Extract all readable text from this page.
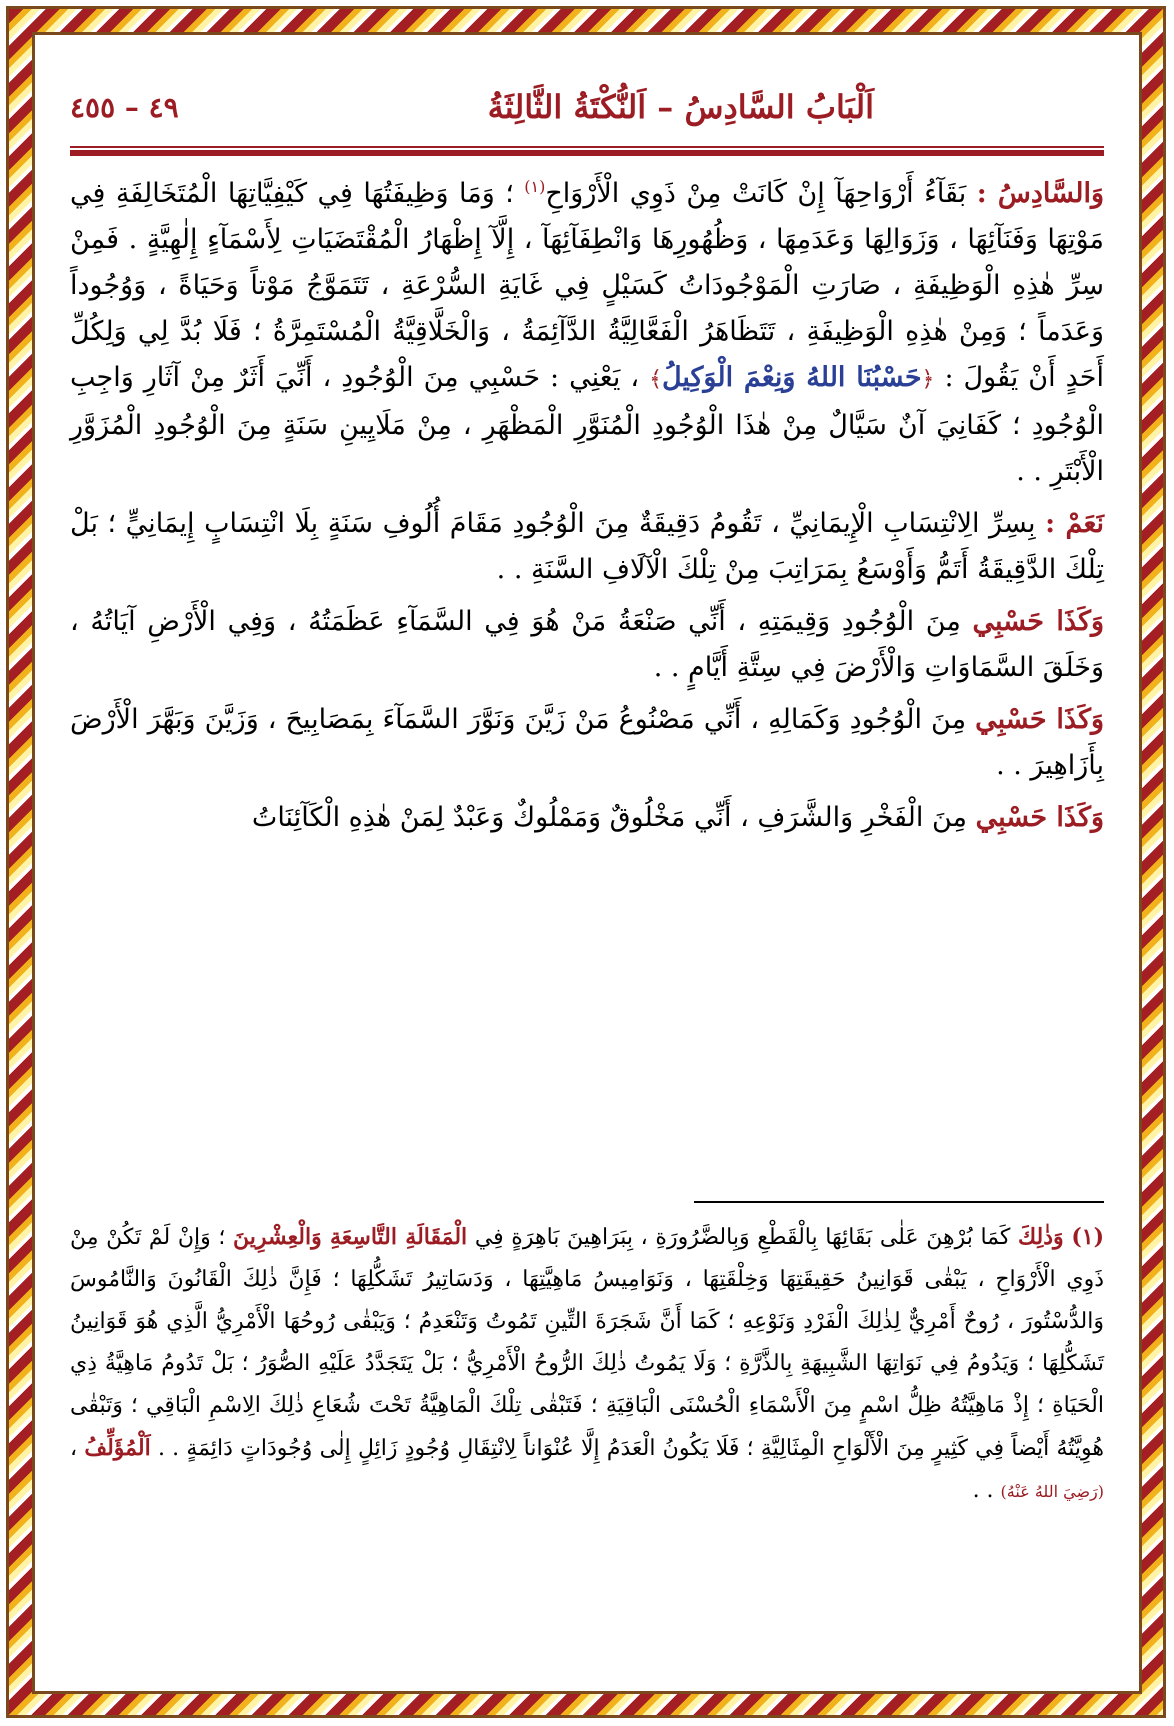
اَلْبَابُ السَّادِسُ – اَلنُّكْتَةُ الثَّالِثَةُ
٤٩ – ٤٥٥

وَالسَّادِسُ : بَقَآءُ أَرْوَاحِهَآ إِنْ كَانَتْ مِنْ ذَوِي الْأَرْوَاحِ$^{(١)}$ ؛ وَمَا وَظِيفَتُهَا فِي كَيْفِيَّاتِهَا الْمُتَخَالِفَةِ فِي مَوْتِهَا وَفَنَآئِهَا ، وَزَوَالِهَا وَعَدَمِهَا ، وَظُهُورِهَا وَانْطِفَآئِهَآ ، إِلَّآ إِظْهَارُ الْمُقْتَضَيَاتِ لِأَسْمَآءٍ إِلٰهِيَّةٍ . فَمِنْ سِرِّ هٰذِهِ الْوَظِيفَةِ ، صَارَتِ الْمَوْجُودَاتُ كَسَيْلٍ فِي غَايَةِ السُّرْعَةِ ، تَتَمَوَّجُ مَوْتاً وَحَيَاةً ، وَوُجُوداً وَعَدَماً ؛ وَمِنْ هٰذِهِ الْوَظِيفَةِ ، تَتَظَاهَرُ الْفَعَّالِيَّةُ الدَّآئِمَةُ ، وَالْخَلَّاقِيَّةُ الْمُسْتَمِرَّةُ ؛ فَلَا بُدَّ لِي وَلِكُلِّ أَحَدٍ أَنْ يَقُولَ : ﴿حَسْبُنَا اللهُ وَنِعْمَ الْوَكِيلُ﴾ ، يَعْنِي : حَسْبِي مِنَ الْوُجُودِ ، أَنِّيَ أَثَرٌ مِنْ آثَارِ وَاجِبِ الْوُجُودِ ؛ كَفَانِيَ آنٌ سَيَّالٌ مِنْ هٰذَا الْوُجُودِ الْمُنَوَّرِ الْمَظْهَرِ ، مِنْ مَلَايِينِ سَنَةٍ مِنَ الْوُجُودِ الْمُزَوَّرِ الْأَبْتَرِ . .

نَعَمْ : بِسِرِّ الِانْتِسَابِ الْإِيمَانِيِّ ، تَقُومُ دَقِيقَةٌ مِنَ الْوُجُودِ مَقَامَ أُلُوفِ سَنَةٍ بِلَا انْتِسَابٍ إِيمَانِيٍّ ؛ بَلْ تِلْكَ الدَّقِيقَةُ أَتَمُّ وَأَوْسَعُ بِمَرَاتِبَ مِنْ تِلْكَ الْآلَافِ السَّنَةِ . .

وَكَذَا حَسْبِي مِنَ الْوُجُودِ وَقِيمَتِهِ ، أَنِّي صَنْعَةُ مَنْ هُوَ فِي السَّمَآءِ عَظَمَتُهُ ، وَفِي الْأَرْضِ آيَاتُهُ ، وَخَلَقَ السَّمَاوَاتِ وَالْأَرْضَ فِي سِتَّةِ أَيَّامٍ . .

وَكَذَا حَسْبِي مِنَ الْوُجُودِ وَكَمَالِهِ ، أَنِّي مَصْنُوعُ مَنْ زَيَّنَ وَنَوَّرَ السَّمَآءَ بِمَصَابِيحَ ، وَزَيَّنَ وَبَهَّرَ الْأَرْضَ بِأَزَاهِيرَ . .

وَكَذَا حَسْبِي مِنَ الْفَخْرِ وَالشَّرَفِ ، أَنِّي مَخْلُوقٌ وَمَمْلُوكٌ وَعَبْدٌ لِمَنْ هٰذِهِ الْكَآئِنَاتُ

(١) وَذٰلِكَ كَمَا بُرْهِنَ عَلٰى بَقَائِهَا بِالْقَطْعِ وَبِالضَّرُورَةِ ، بِبَرَاهِينَ بَاهِرَةٍ فِي الْمَقَالَةِ التَّاسِعَةِ وَالْعِشْرِينَ ؛ وَإِنْ لَمْ تَكُنْ مِنْ ذَوِي الْأَرْوَاحِ ، يَبْقٰى قَوَانِينُ حَقِيقَتِهَا وَخِلْقَتِهَا ، وَنَوَامِيسُ مَاهِيَّتِهَا ، وَدَسَاتِيرُ تَشَكُّلِهَا ؛ فَإِنَّ ذٰلِكَ الْقَانُونَ وَالنَّامُوسَ وَالدُّسْتُورَ ، رُوحٌ أَمْرِيٌّ لِذٰلِكَ الْفَرْدِ وَنَوْعِهِ ؛ كَمَا أَنَّ شَجَرَةَ التِّينِ تَمُوتُ وَتَنْعَدِمُ ؛ وَيَبْقٰى رُوحُهَا الْأَمْرِيُّ الَّذِي هُوَ قَوَانِينُ تَشَكُّلِهَا ؛ وَيَدُومُ فِي نَوَاتِهَا الشَّبِيهَةِ بِالذَّرَّةِ ؛ وَلَا يَمُوتُ ذٰلِكَ الرُّوحُ الْأَمْرِيُّ ؛ بَلْ يَتَجَدَّدُ عَلَيْهِ الصُّوَرُ ؛ بَلْ تَدُومُ مَاهِيَّةُ ذِي الْحَيَاةِ ؛ إِذْ مَاهِيَّتُهُ ظِلُّ اسْمٍ مِنَ الْأَسْمَاءِ الْحُسْنَى الْبَاقِيَةِ ؛ فَتَبْقٰى تِلْكَ الْمَاهِيَّةُ تَحْتَ شُعَاعِ ذٰلِكَ الِاسْمِ الْبَاقِي ؛ وَتَبْقٰى هُوِيَّتُهُ أَيْضاً فِي كَثِيرٍ مِنَ الْأَلْوَاحِ الْمِثَالِيَّةِ ؛ فَلَا يَكُونُ الْعَدَمُ إِلَّا عُنْوَاناً لِانْتِقَالِ وُجُودٍ زَائِلٍ إِلٰى وُجُودَاتٍ دَائِمَةٍ . . اَلْمُؤَلِّفُ ، (رَضِيَ اللهُ عَنْهُ) . .
